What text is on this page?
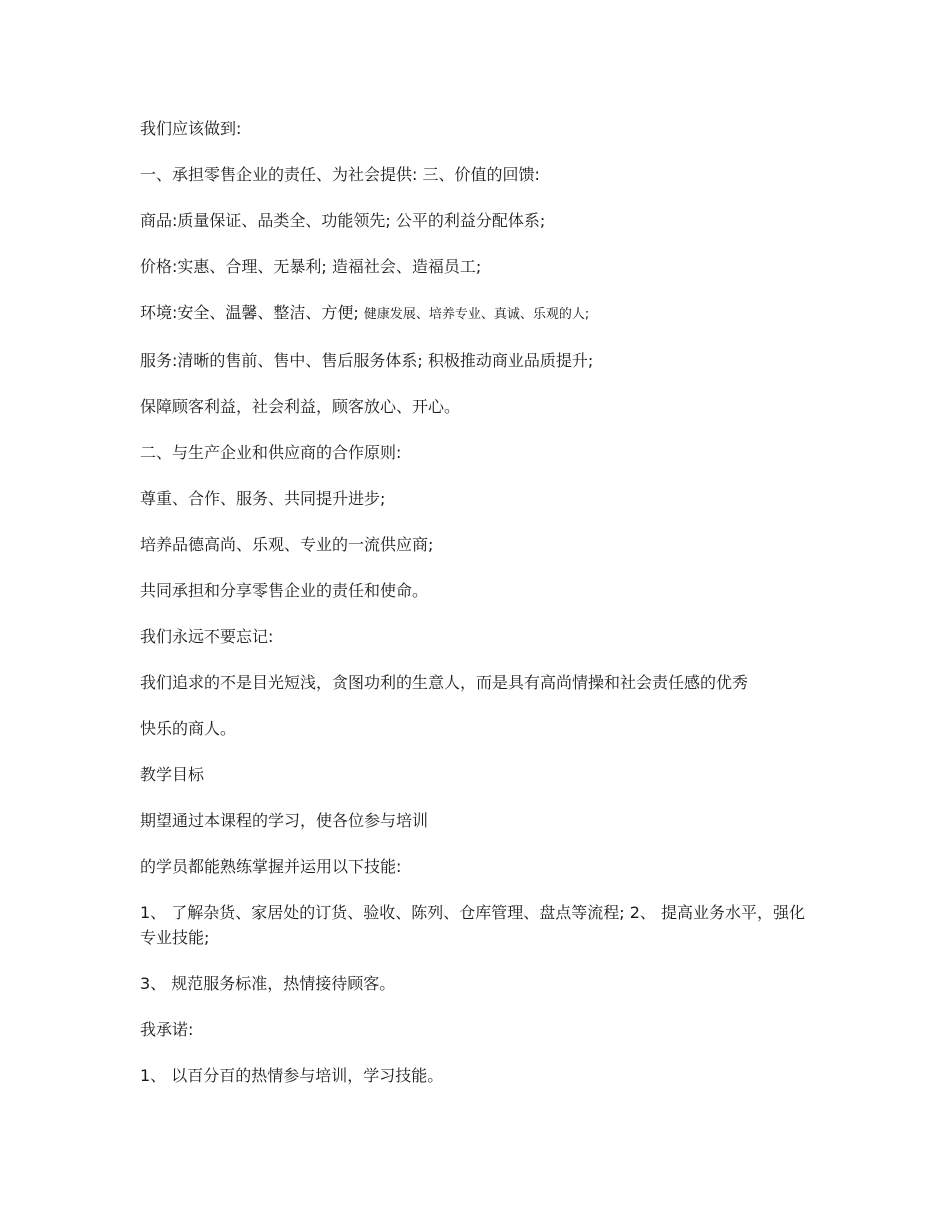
我们应该做到:

一、承担零售企业的责任、为社会提供: 三、价值的回馈:

商品:质量保证、品类全、功能领先; 公平的利益分配体系;

价格:实惠、合理、无暴利; 造福社会、造福员工;

环境:安全、温馨、整洁、方便; 健康发展、培养专业、真诚、乐观的人;

服务:清晰的售前、售中、售后服务体系; 积极推动商业品质提升;

保障顾客利益，社会利益，顾客放心、开心。

二、与生产企业和供应商的合作原则:

尊重、合作、服务、共同提升进步;

培养品德高尚、乐观、专业的一流供应商;

共同承担和分享零售企业的责任和使命。

我们永远不要忘记:

我们追求的不是目光短浅，贪图功利的生意人，而是具有高尚情操和社会责任感的优秀

快乐的商人。

教学目标

期望通过本课程的学习，使各位参与培训

的学员都能熟练掌握并运用以下技能:

1、 了解杂货、家居处的订货、验收、陈列、仓库管理、盘点等流程; 2、 提高业务水平，强化专业技能;

3、 规范服务标准，热情接待顾客。

我承诺:

1、 以百分百的热情参与培训，学习技能。
